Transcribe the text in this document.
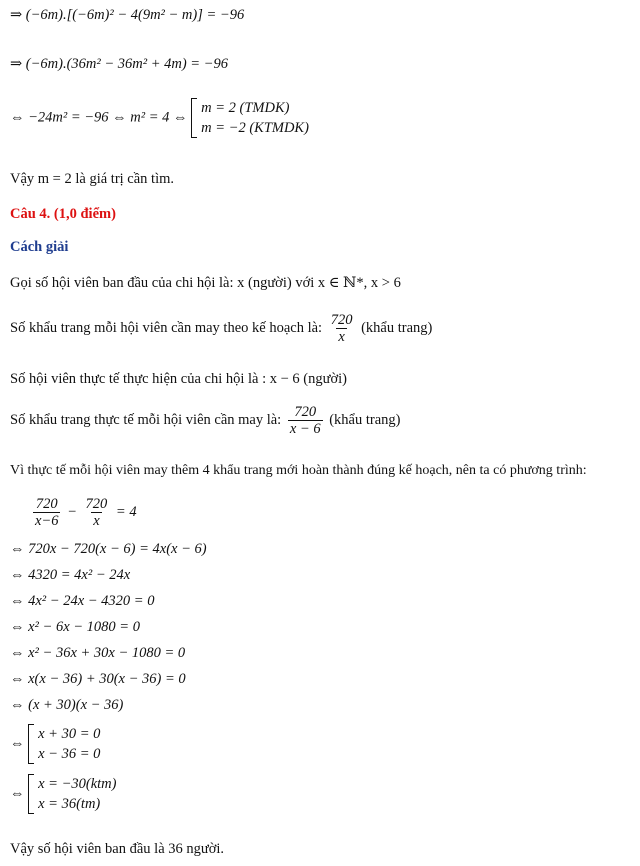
⇒ (−6m).[(−6m)² − 4(9m² − m)] = −96
⇒ (−6m).(36m² − 36m² + 4m) = −96
⇔ −24m² = −96 ⇔ m² = 4 ⇔
m = 2 (TMDK)
m = −2 (KTMDK)
Vậy m = 2 là giá trị cần tìm.
Câu 4. (1,0 điểm)
Cách giải
Gọi số hội viên ban đầu của chi hội là: x (người) với x ∈ ℕ*, x > 6
Số khẩu trang mỗi hội viên cần may theo kế hoạch là: $\frac{720}{x}$ (khẩu trang)
Số hội viên thực tế thực hiện của chi hội là : x − 6 (người)
Số khẩu trang thực tế mỗi hội viên cần may là: $\frac{720}{x - 6}$ (khẩu trang)
Vì thực tế mỗi hội viên may thêm 4 khẩu trang mới hoàn thành đúng kế hoạch, nên ta có phương trình:
$\frac{720}{x-6} - \frac{720}{x} = 4$
⇔ 720x − 720(x − 6) = 4x(x − 6)
⇔ 4320 = 4x² − 24x
⇔ 4x² − 24x − 4320 = 0
⇔ x² − 6x − 1080 = 0
⇔ x² − 36x + 30x − 1080 = 0
⇔ x(x − 36) + 30(x − 36) = 0
⇔ (x + 30)(x − 36)
⇔
x + 30 = 0
x − 36 = 0
⇔
x = −30(ktm)
x = 36(tm)
Vậy số hội viên ban đầu là 36 người.
